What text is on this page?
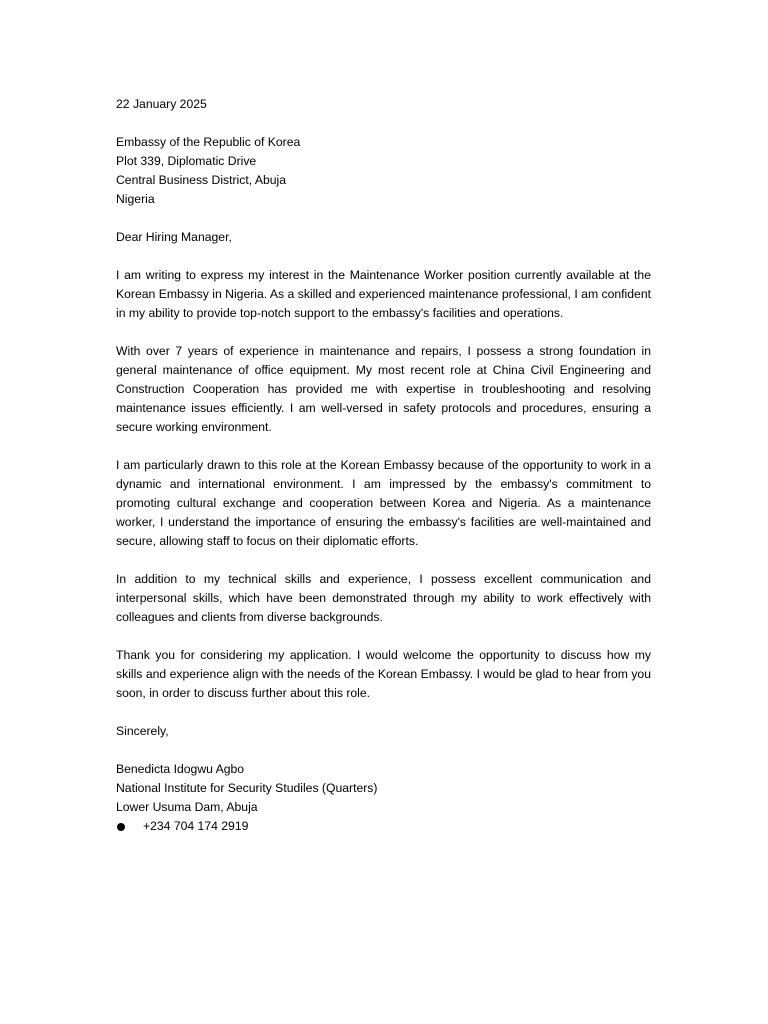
22 January 2025
Embassy of the Republic of Korea
Plot 339, Diplomatic Drive
Central Business District, Abuja
Nigeria
Dear Hiring Manager,

I am writing to express my interest in the Maintenance Worker position currently available at the Korean Embassy in Nigeria. As a skilled and experienced maintenance professional, I am confident in my ability to provide top-notch support to the embassy's facilities and operations.

With over 7 years of experience in maintenance and repairs, I possess a strong foundation in general maintenance of office equipment. My most recent role at China Civil Engineering and Construction Cooperation has provided me with expertise in troubleshooting and resolving maintenance issues efficiently. I am well-versed in safety protocols and procedures, ensuring a secure working environment.

I am particularly drawn to this role at the Korean Embassy because of the opportunity to work in a dynamic and international environment. I am impressed by the embassy's commitment to promoting cultural exchange and cooperation between Korea and Nigeria. As a maintenance worker, I understand the importance of ensuring the embassy's facilities are well-maintained and secure, allowing staff to focus on their diplomatic efforts.

In addition to my technical skills and experience, I possess excellent communication and interpersonal skills, which have been demonstrated through my ability to work effectively with colleagues and clients from diverse backgrounds.

Thank you for considering my application. I would welcome the opportunity to discuss how my skills and experience align with the needs of the Korean Embassy. I would be glad to hear from you soon, in order to discuss further about this role.

Sincerely,
Benedicta Idogwu Agbo
National Institute for Security Studiles (Quarters)
Lower Usuma Dam, Abuja
+234 704 174 2919
